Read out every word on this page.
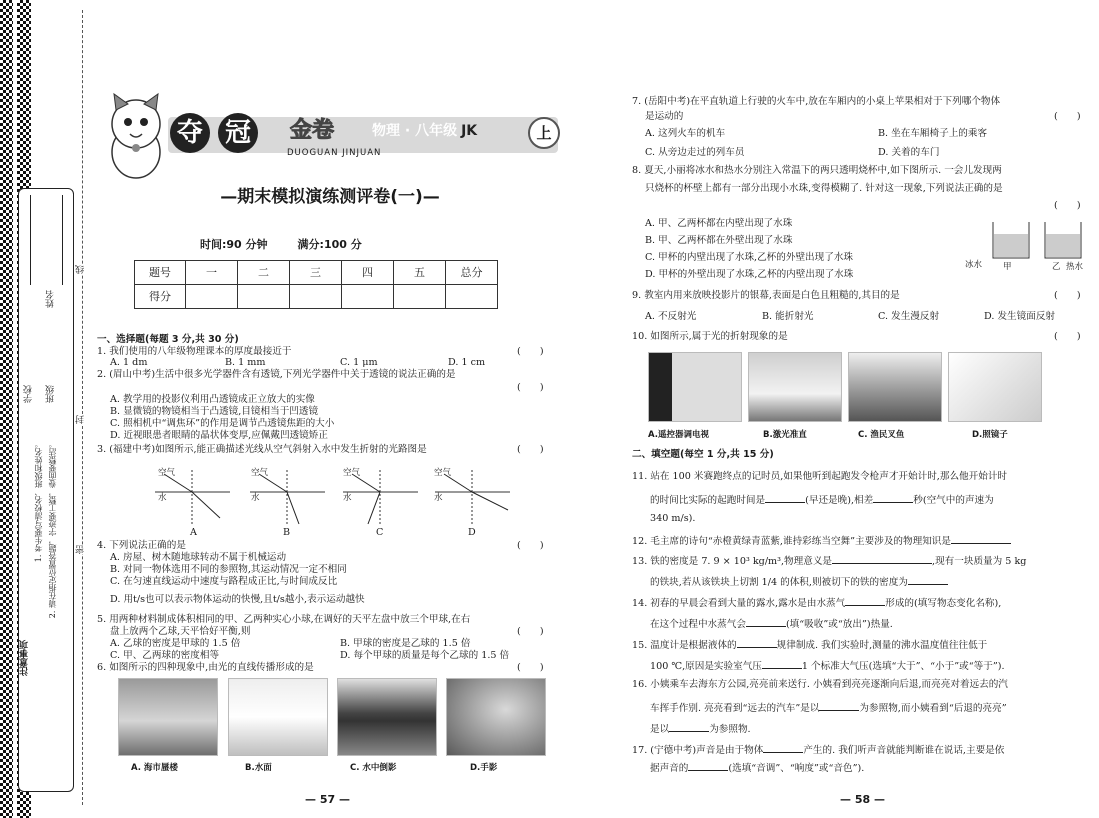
注意事项
1. 考生要写清校名、班级和姓名。 2. 请在指定位置答题，字迹要工整，卷面要整洁。
学校 班级
姓名
线
封
密
夺 冠	金卷
DUOGUAN JINJUAN
物理 · 八年级 JK	上
—期末模拟演练测评卷(一)—
时间:90 分钟	满分:100 分
题号	一	二	三	四	五	总分
得分						
一、选择题(每题 3 分,共 30 分)
1. 我们使用的八年级物理课本的厚度最接近于	(　　)
A. 1 dm	B. 1 mm	C. 1 μm	D. 1 cm
2. (眉山中考)生活中很多光学器件含有透镜,下列光学器件中关于透镜的说法正确的是
(　　)
A. 教学用的投影仪利用凸透镜成正立放大的实像
B. 显微镜的物镜相当于凸透镜,目镜相当于凹透镜
C. 照相机中“调焦环”的作用是调节凸透镜焦距的大小
D. 近视眼患者眼睛的晶状体变厚,应佩戴凹透镜矫正
3. (福建中考)如图所示,能正确描述光线从空气斜射入水中发生折射的光路图是	(　　)
空气
水
空气
水
空气
水
空气
水
A	B	C	D
4. 下列说法正确的是	(　　)
A. 房屋、树木随地球转动不属于机械运动
B. 对同一物体选用不同的参照物,其运动情况一定不相同
C. 在匀速直线运动中速度与路程成正比,与时间成反比
D. 用t/s也可以表示物体运动的快慢,且t/s越小,表示运动越快
5. 用两种材料制成体积相同的甲、乙两种实心小球,在调好的天平左盘中放三个甲球,在右
盘上放两个乙球,天平恰好平衡,则	(　　)
A. 乙球的密度是甲球的 1.5 倍	B. 甲球的密度是乙球的 1.5 倍
C. 甲、乙两球的密度相等	D. 每个甲球的质量是每个乙球的 1.5 倍
6. 如图所示的四种现象中,由光的直线传播形成的是	(　　)
A. 海市蜃楼	B.水面	C. 水中倒影	D.手影
— 57 —
7. (岳阳中考)在平直轨道上行驶的火车中,放在车厢内的小桌上苹果相对于下列哪个物体
是运动的	(　　)
A. 这列火车的机车	B. 坐在车厢椅子上的乘客
C. 从旁边走过的列车员	D. 关着的车门
8. 夏天,小丽将冰水和热水分别注入常温下的两只透明烧杯中,如下图所示. 一会儿发现两
只烧杯的杯壁上都有一部分出现小水珠,变得模糊了. 针对这一现象,下列说法正确的是
(　　)
A. 甲、乙两杯都在内壁出现了水珠
B. 甲、乙两杯都在外壁出现了水珠
C. 甲杯的内壁出现了水珠,乙杯的外壁出现了水珠
D. 甲杯的外壁出现了水珠,乙杯的内壁出现了水珠
冰水 甲	乙 热水
9. 教室内用来放映投影片的银幕,表面是白色且粗糙的,其目的是	(　　)
A. 不反射光	B. 能折射光	C. 发生漫反射	D. 发生镜面反射
10. 如图所示,属于光的折射现象的是	(　　)
A.遥控器调电视	B.激光准直	C. 渔民叉鱼	D.照镜子
二、填空题(每空 1 分,共 15 分)
11. 站在 100 米赛跑终点的记时员,如果他听到起跑发令枪声才开始计时,那么他开始计时
的时间比实际的起跑时间是	(早还是晚),相差	秒(空气中的声速为
340 m/s).
12. 毛主席的诗句“赤橙黄绿青蓝紫,谁持彩练当空舞”主要涉及的物理知识是
13. 铁的密度是 7. 9 × 10³ kg/m³,物理意义是	,现有一块质量为 5 kg
的铁块,若从该铁块上切割 1/4 的体积,则被切下的铁的密度为
14. 初春的早晨会看到大量的露水,露水是由水蒸气	形成的(填写物态变化名称),
在这个过程中水蒸气会	(填“吸收”或“放出”)热量.
15. 温度计是根据液体的	规律制成. 我们实验时,测量的沸水温度值往往低于
100 ℃,原因是实验室气压	1 个标准大气压(选填“大于”、“小于”或“等于”).
16. 小姨乘车去海东方公园,亮亮前来送行. 小姨看到亮亮逐渐向后退,而亮亮对着远去的汽
车挥手作别. 亮亮看到“远去的汽车”是以	为参照物,而小姨看到“后退的亮亮”
是以	为参照物.
17. (宁德中考)声音是由于物体	产生的. 我们听声音就能判断谁在说话,主要是依
据声音的	(选填“音调”、“响度”或“音色”).
— 58 —
